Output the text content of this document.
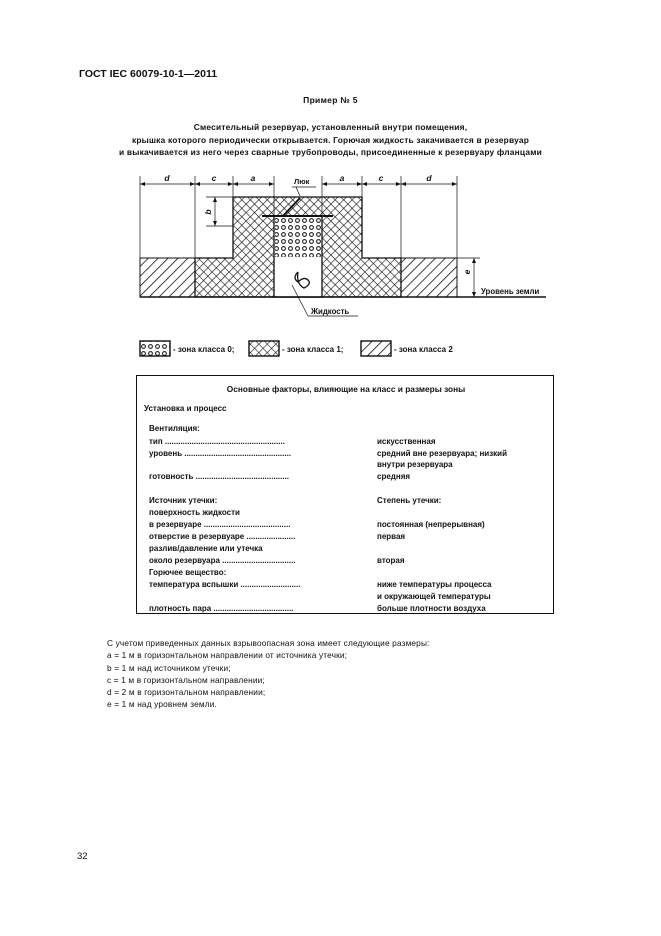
ГОСТ IEC 60079-10-1—2011
Пример № 5
Смесительный резервуар, установленный внутри помещения,
крышка которого периодически открывается. Горючая жидкость закачивается в резервуар
и выкачивается из него через сварные трубопроводы, присоединенные к резервуару фланцами
d	c	a	a	c	d
b
e
Люк
Уровень земли
Жидкость
- зона класса 0;	- зона класса 1;	- зона класса 2
Основные факторы, влияющие на класс и размеры зоны
Установка и процесс
Вентиляция:
тип ......................................................	искусственная
уровень ................................................	средний вне резервуара; низкий
внутри резервуара
готовность ..........................................	средняя
Источник утечки:	Степень утечки:
поверхность жидкости
в резервуаре .......................................	постоянная (непрерывная)
отверстие в резервуаре ......................	первая
разлив/давление или утечка
около резервуара .................................	вторая
Горючее вещество:
температура вспышки ...........................	ниже температуры процесса
и окружающей температуры
плотность пара ....................................	больше плотности воздуха
С учетом приведенных данных взрывоопасная зона имеет следующие размеры:
а = 1 м в горизонтальном направлении от источника утечки;
b = 1 м над источником утечки;
с = 1 м в горизонтальном направлении;
d = 2 м в горизонтальном направлении;
е = 1 м над уровнем земли.
32
